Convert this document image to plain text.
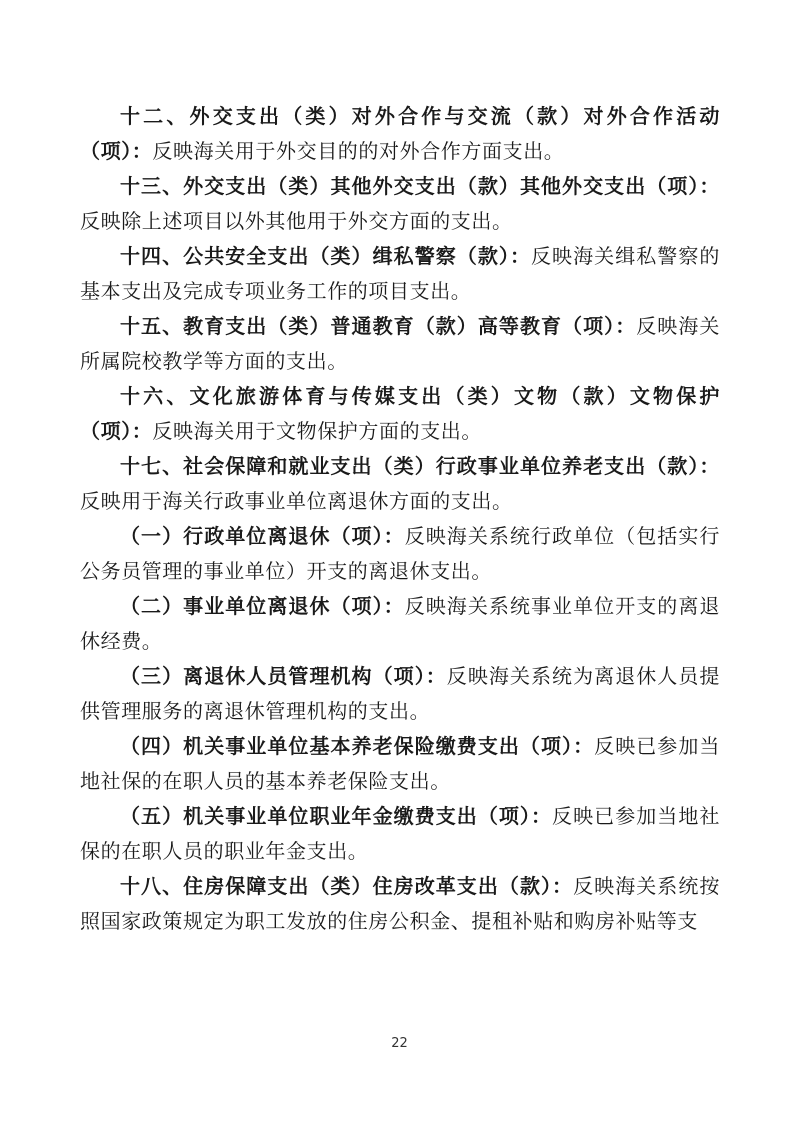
十二、外交支出（类）对外合作与交流（款）对外合作活动（项）：反映海关用于外交目的的对外合作方面支出。

十三、外交支出（类）其他外交支出（款）其他外交支出（项）：反映除上述项目以外其他用于外交方面的支出。

十四、公共安全支出（类）缉私警察（款）：反映海关缉私警察的基本支出及完成专项业务工作的项目支出。

十五、教育支出（类）普通教育（款）高等教育（项）：反映海关所属院校教学等方面的支出。

十六、文化旅游体育与传媒支出（类）文物（款）文物保护（项）：反映海关用于文物保护方面的支出。

十七、社会保障和就业支出（类）行政事业单位养老支出（款）：反映用于海关行政事业单位离退休方面的支出。

（一）行政单位离退休（项）：反映海关系统行政单位（包括实行公务员管理的事业单位）开支的离退休支出。

（二）事业单位离退休（项）：反映海关系统事业单位开支的离退休经费。

（三）离退休人员管理机构（项）：反映海关系统为离退休人员提供管理服务的离退休管理机构的支出。

（四）机关事业单位基本养老保险缴费支出（项）：反映已参加当地社保的在职人员的基本养老保险支出。

（五）机关事业单位职业年金缴费支出（项）：反映已参加当地社保的在职人员的职业年金支出。

十八、住房保障支出（类）住房改革支出（款）：反映海关系统按照国家政策规定为职工发放的住房公积金、提租补贴和购房补贴等支

22
